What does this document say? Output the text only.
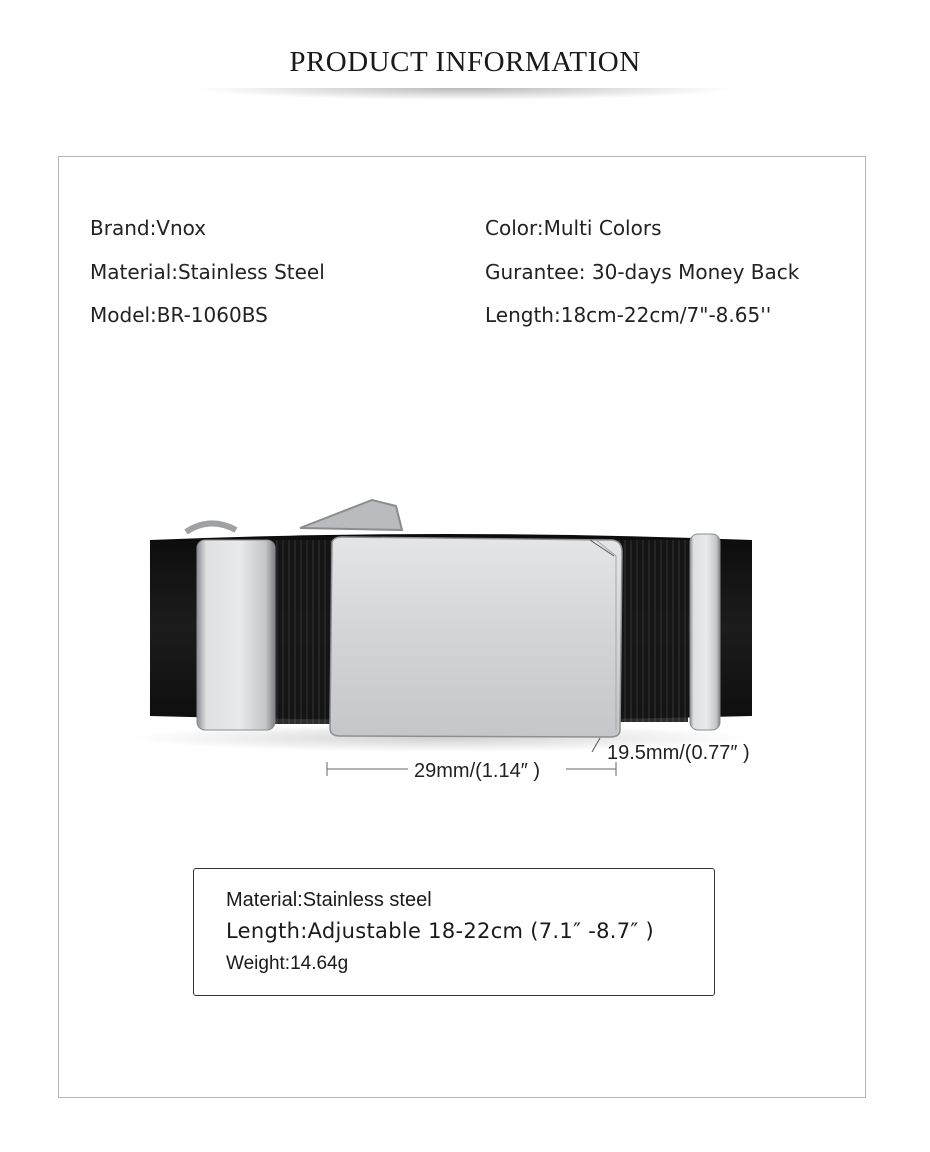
PRODUCT INFORMATION
Brand:Vnox
Material:Stainless Steel
Model:BR-1060BS
Color:Multi Colors
Gurantee: 30-days Money Back
Length:18cm-22cm/7"-8.65''
29mm/(1.14″ )
19.5mm/(0.77″ )
Material:Stainless steel
Length:Adjustable 18-22cm (7.1″ -8.7″ )
Weight:14.64g
